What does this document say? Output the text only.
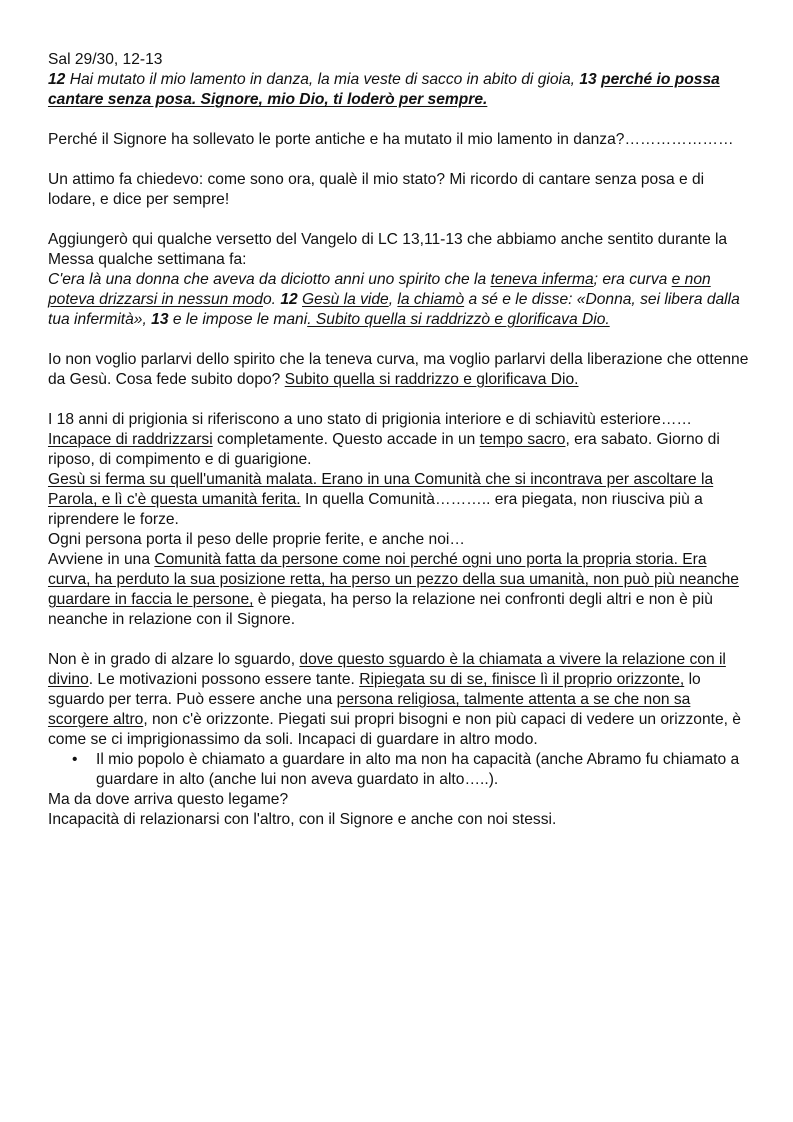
Sal 29/30, 12-13

12 Hai mutato il mio lamento in danza, la mia veste di sacco in abito di gioia, 13 perché io possa cantare senza posa. Signore, mio Dio, ti loderò per sempre.

Perché il Signore ha sollevato le porte antiche e ha mutato il mio lamento in danza?…………………

Un attimo fa chiedevo: come sono ora, qualè il mio stato? Mi ricordo di cantare senza posa e di lodare, e dice per sempre!

Aggiungerò qui qualche versetto del Vangelo di LC 13,11-13 che abbiamo anche sentito durante la Messa qualche settimana fa:

C'era là una donna che aveva da diciotto anni uno spirito che la teneva inferma; era curva e non poteva drizzarsi in nessun modo. 12 Gesù la vide, la chiamò a sé e le disse: «Donna, sei libera dalla tua infermità», 13 e le impose le mani. Subito quella si raddrizzò e glorificava Dio.

Io non voglio parlarvi dello spirito che la teneva curva, ma voglio parlarvi della liberazione che ottenne da Gesù. Cosa fede subito dopo? Subito quella si raddrizzo e glorificava Dio.

I 18 anni di prigionia si riferiscono a uno stato di prigionia interiore e di schiavitù esteriore……

Incapace di raddrizzarsi completamente. Questo accade in un tempo sacro, era sabato. Giorno di riposo, di compimento e di guarigione.

Gesù si ferma su quell'umanità malata. Erano in una Comunità che si incontrava per ascoltare la Parola, e lì c'è questa umanità ferita. In quella Comunità……….. era piegata, non riusciva più a riprendere le forze.

Ogni persona porta il peso delle proprie ferite, e anche noi…

Avviene in una Comunità fatta da persone come noi perché ogni uno porta la propria storia. Era curva, ha perduto la sua posizione retta, ha perso un pezzo della sua umanità, non può più neanche guardare in faccia le persone, è piegata, ha perso la relazione nei confronti degli altri e non è più neanche in relazione con il Signore.

Non è in grado di alzare lo sguardo, dove questo sguardo è la chiamata a vivere la relazione con il divino. Le motivazioni possono essere tante. Ripiegata su di se, finisce lì il proprio orizzonte, lo sguardo per terra. Può essere anche una persona religiosa, talmente attenta a se che non sa scorgere altro, non c'è orizzonte. Piegati sui propri bisogni e non più capaci di vedere un orizzonte, è come se ci imprigionassimo da soli. Incapaci di guardare in altro modo.

•	Il mio popolo è chiamato a guardare in alto ma non ha capacità (anche Abramo fu chiamato a guardare in alto (anche lui non aveva guardato in alto…..).

Ma da dove arriva questo legame?

Incapacità di relazionarsi con l'altro, con il Signore e anche con noi stessi.
